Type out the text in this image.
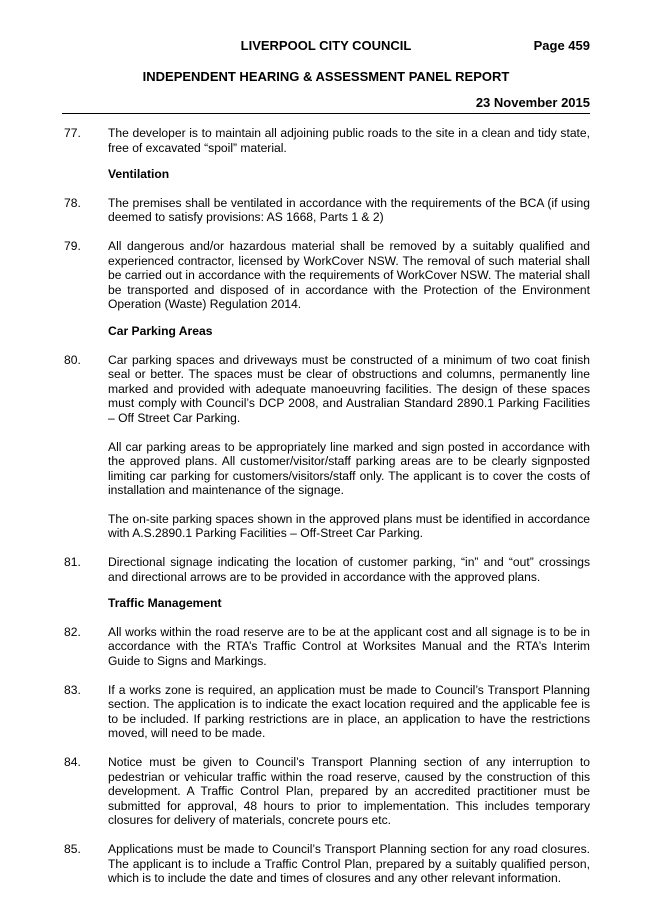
LIVERPOOL CITY COUNCIL	Page 459
INDEPENDENT HEARING & ASSESSMENT PANEL REPORT
23 November 2015
77. The developer is to maintain all adjoining public roads to the site in a clean and tidy state, free of excavated “spoil” material.
Ventilation
78. The premises shall be ventilated in accordance with the requirements of the BCA (if using deemed to satisfy provisions: AS 1668, Parts 1 & 2)
79. All dangerous and/or hazardous material shall be removed by a suitably qualified and experienced contractor, licensed by WorkCover NSW. The removal of such material shall be carried out in accordance with the requirements of WorkCover NSW. The material shall be transported and disposed of in accordance with the Protection of the Environment Operation (Waste) Regulation 2014.
Car Parking Areas
80. Car parking spaces and driveways must be constructed of a minimum of two coat finish seal or better. The spaces must be clear of obstructions and columns, permanently line marked and provided with adequate manoeuvring facilities. The design of these spaces must comply with Council’s DCP 2008, and Australian Standard 2890.1 Parking Facilities – Off Street Car Parking.
All car parking areas to be appropriately line marked and sign posted in accordance with the approved plans. All customer/visitor/staff parking areas are to be clearly signposted limiting car parking for customers/visitors/staff only. The applicant is to cover the costs of installation and maintenance of the signage.
The on-site parking spaces shown in the approved plans must be identified in accordance with A.S.2890.1 Parking Facilities – Off-Street Car Parking.
81. Directional signage indicating the location of customer parking, “in” and “out” crossings and directional arrows are to be provided in accordance with the approved plans.
Traffic Management
82. All works within the road reserve are to be at the applicant cost and all signage is to be in accordance with the RTA’s Traffic Control at Worksites Manual and the RTA’s Interim Guide to Signs and Markings.
83. If a works zone is required, an application must be made to Council’s Transport Planning section. The application is to indicate the exact location required and the applicable fee is to be included. If parking restrictions are in place, an application to have the restrictions moved, will need to be made.
84. Notice must be given to Council’s Transport Planning section of any interruption to pedestrian or vehicular traffic within the road reserve, caused by the construction of this development. A Traffic Control Plan, prepared by an accredited practitioner must be submitted for approval, 48 hours to prior to implementation. This includes temporary closures for delivery of materials, concrete pours etc.
85. Applications must be made to Council’s Transport Planning section for any road closures. The applicant is to include a Traffic Control Plan, prepared by a suitably qualified person, which is to include the date and times of closures and any other relevant information.
